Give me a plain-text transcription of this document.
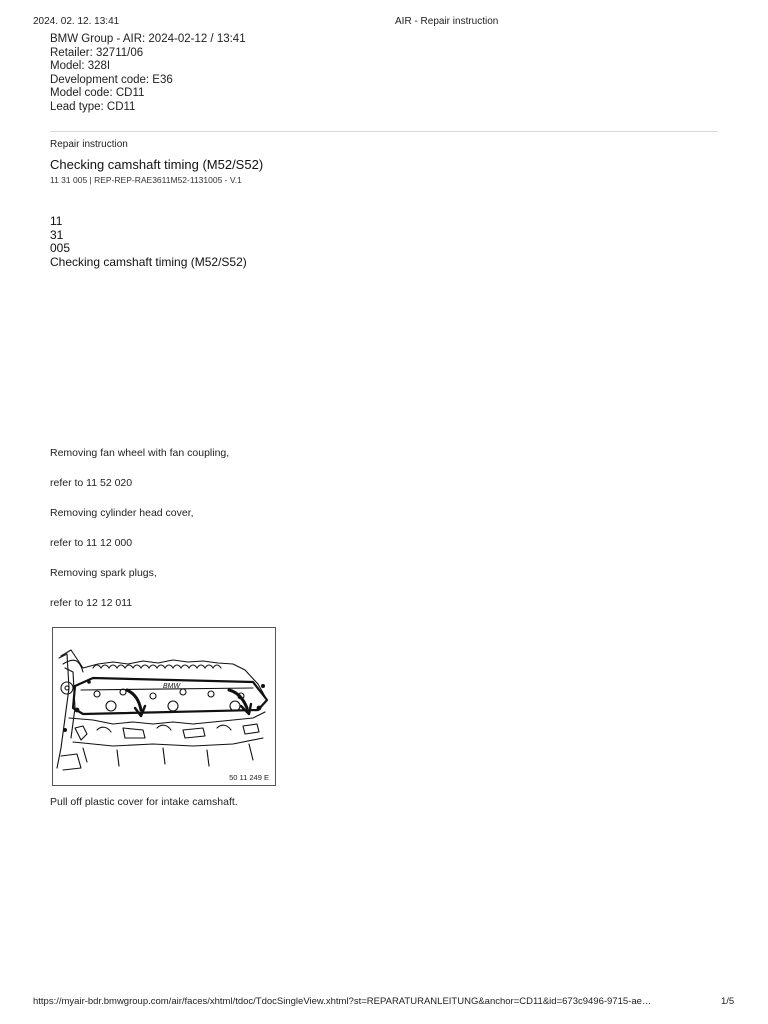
2024. 02. 12. 13:41	AIR - Repair instruction
BMW Group - AIR: 2024-02-12 / 13:41
Retailer: 32711/06
Model: 328I
Development code: E36
Model code: CD11
Lead type: CD11
Repair instruction
Checking camshaft timing (M52/S52)
11 31 005 | REP-REP-RAE3611M52-1131005 - V.1
11
31
005
Checking camshaft timing (M52/S52)
Removing fan wheel with fan coupling,
refer to 11 52 020
Removing cylinder head cover,
refer to 11 12 000
Removing spark plugs,
refer to 12 12 011
BMW
50 11 249 E
Pull off plastic cover for intake camshaft.
https://myair-bdr.bmwgroup.com/air/faces/xhtml/tdoc/TdocSingleView.xhtml?st=REPARATURANLEITUNG&anchor=CD11&id=673c9496-9715-ae…	1/5
